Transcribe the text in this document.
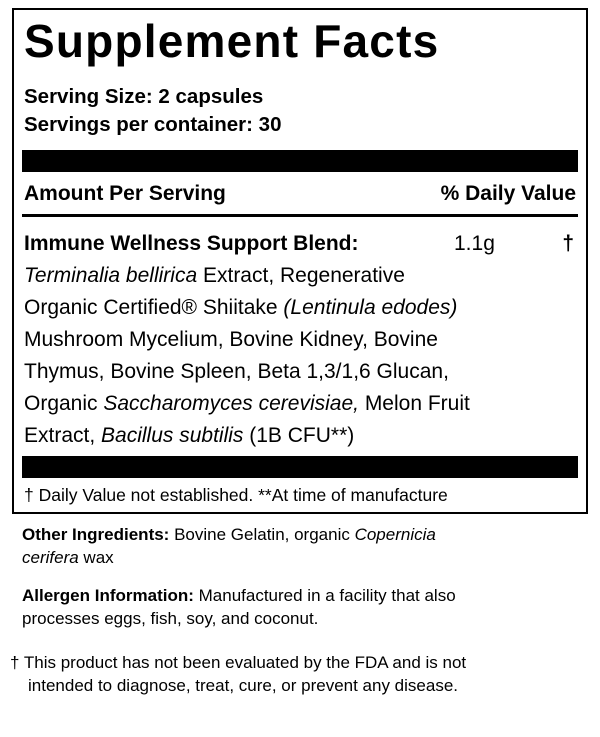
Supplement Facts
Serving Size: 2 capsules
Servings per container: 30
Amount Per Serving	% Daily Value
Immune Wellness Support Blend:	1.1g	†
Terminalia bellirica Extract, Regenerative
Organic Certified® Shiitake (Lentinula edodes)
Mushroom Mycelium, Bovine Kidney, Bovine
Thymus, Bovine Spleen, Beta 1,3/1,6 Glucan,
Organic Saccharomyces cerevisiae, Melon Fruit
Extract, Bacillus subtilis (1B CFU**)
† Daily Value not established. **At time of manufacture
Other Ingredients: Bovine Gelatin, organic Copernicia
cerifera wax
Allergen Information: Manufactured in a facility that also
processes eggs, fish, soy, and coconut.
† This product has not been evaluated by the FDA and is not
intended to diagnose, treat, cure, or prevent any disease.
